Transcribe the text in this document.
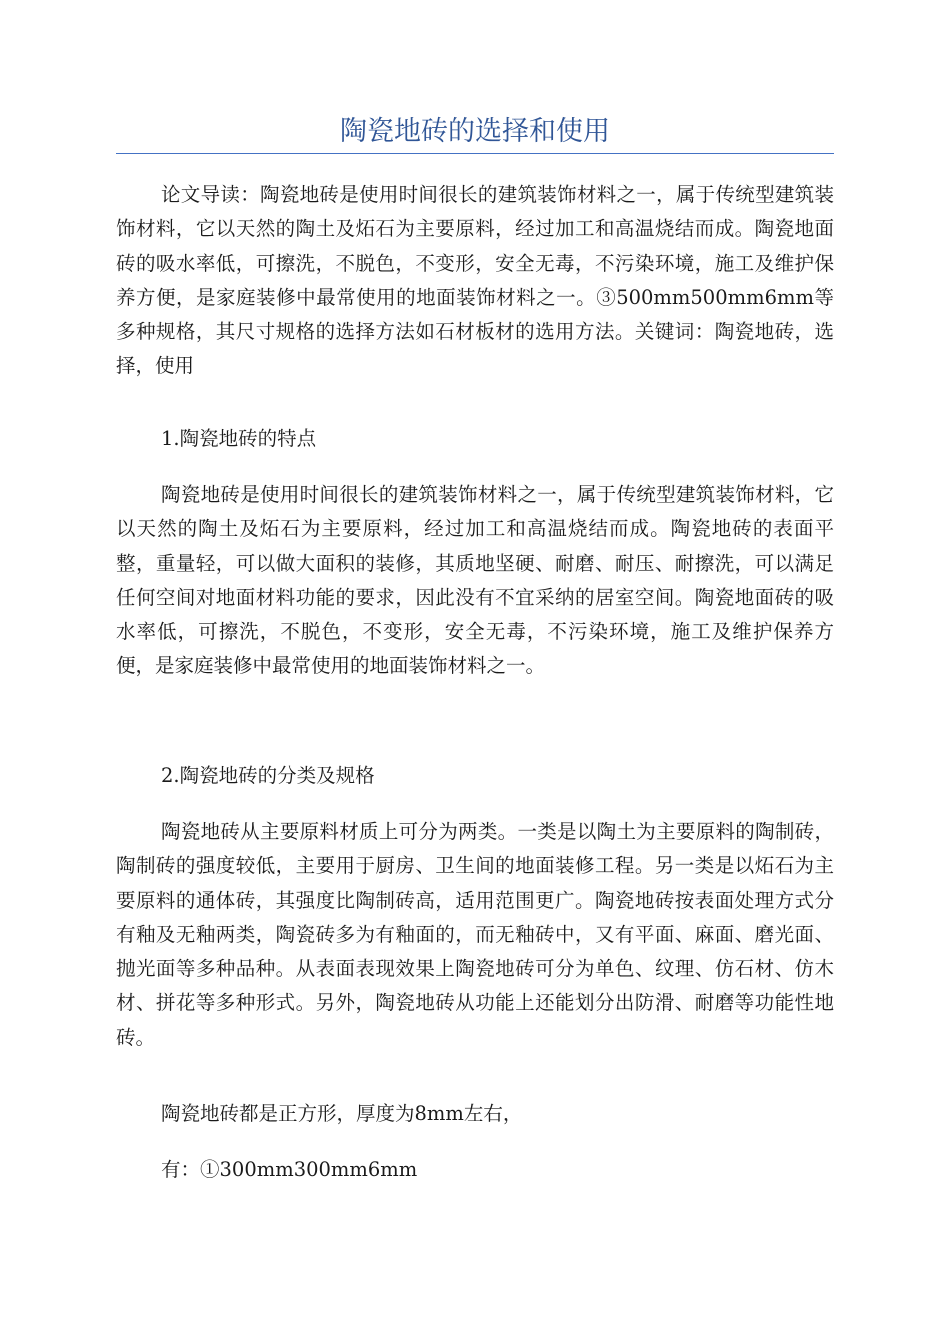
陶瓷地砖的选择和使用

论文导读：陶瓷地砖是使用时间很长的建筑装饰材料之一，属于传统型建筑装饰材料，它以天然的陶土及炻石为主要原料，经过加工和高温烧结而成。陶瓷地面砖的吸水率低，可擦洗，不脱色，不变形，安全无毒，不污染环境，施工及维护保养方便，是家庭装修中最常使用的地面装饰材料之一。③500mm500mm6mm等多种规格，其尺寸规格的选择方法如石材板材的选用方法。关键词：陶瓷地砖，选择，使用

1.陶瓷地砖的特点

陶瓷地砖是使用时间很长的建筑装饰材料之一，属于传统型建筑装饰材料，它以天然的陶土及炻石为主要原料，经过加工和高温烧结而成。陶瓷地砖的表面平整，重量轻，可以做大面积的装修，其质地坚硬、耐磨、耐压、耐擦洗，可以满足任何空间对地面材料功能的要求，因此没有不宜采纳的居室空间。陶瓷地面砖的吸水率低，可擦洗，不脱色，不变形，安全无毒，不污染环境，施工及维护保养方便，是家庭装修中最常使用的地面装饰材料之一。

2.陶瓷地砖的分类及规格

陶瓷地砖从主要原料材质上可分为两类。一类是以陶土为主要原料的陶制砖，陶制砖的强度较低，主要用于厨房、卫生间的地面装修工程。另一类是以炻石为主要原料的通体砖，其强度比陶制砖高，适用范围更广。陶瓷地砖按表面处理方式分有釉及无釉两类，陶瓷砖多为有釉面的，而无釉砖中，又有平面、麻面、磨光面、抛光面等多种品种。从表面表现效果上陶瓷地砖可分为单色、纹理、仿石材、仿木材、拼花等多种形式。另外，陶瓷地砖从功能上还能划分出防滑、耐磨等功能性地砖。

陶瓷地砖都是正方形，厚度为8mm左右，

有：①300mm300mm6mm
